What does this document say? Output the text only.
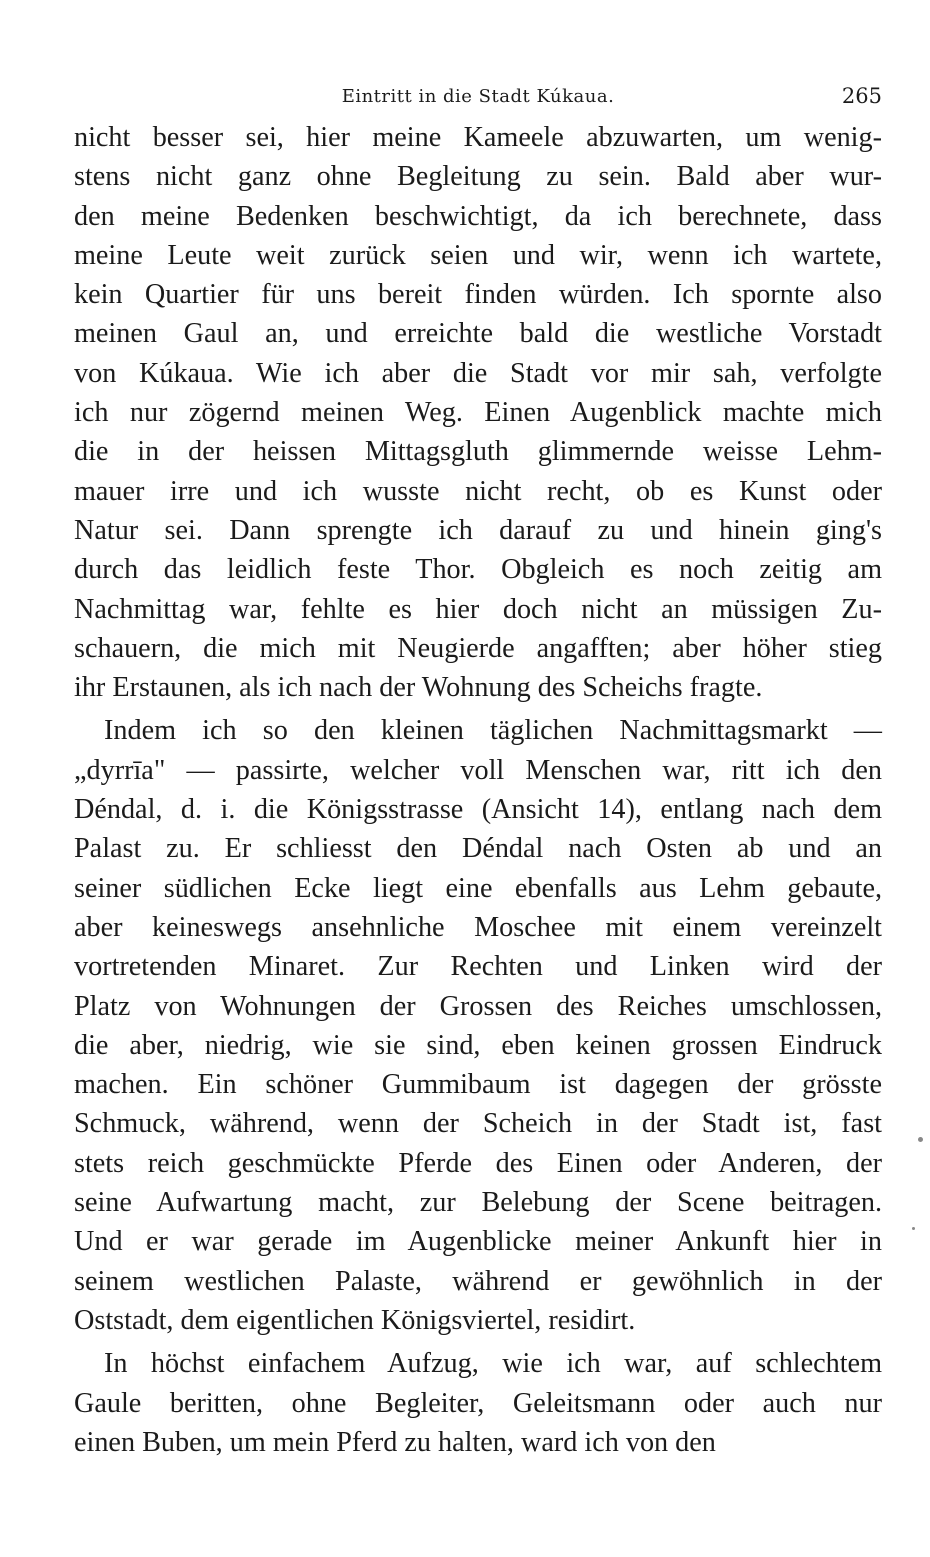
Eintritt in die Stadt Kúkaua.	265
nicht besser sei, hier meine Kameele abzuwarten, um wenig-
stens nicht ganz ohne Begleitung zu sein. Bald aber wur-
den meine Bedenken beschwichtigt, da ich berechnete, dass
meine Leute weit zurück seien und wir, wenn ich wartete,
kein Quartier für uns bereit finden würden. Ich spornte also
meinen Gaul an, und erreichte bald die westliche Vorstadt
von Kúkaua. Wie ich aber die Stadt vor mir sah, verfolgte
ich nur zögernd meinen Weg. Einen Augenblick machte mich
die in der heissen Mittagsgluth glimmernde weisse Lehm-
mauer irre und ich wusste nicht recht, ob es Kunst oder
Natur sei. Dann sprengte ich darauf zu und hinein ging's
durch das leidlich feste Thor. Obgleich es noch zeitig am
Nachmittag war, fehlte es hier doch nicht an müssigen Zu-
schauern, die mich mit Neugierde angafften; aber höher stieg
ihr Erstaunen, als ich nach der Wohnung des Scheichs fragte.
Indem ich so den kleinen täglichen Nachmittagsmarkt —
„dyrrīa" — passirte, welcher voll Menschen war, ritt ich den
Déndal, d. i. die Königsstrasse (Ansicht 14), entlang nach dem
Palast zu. Er schliesst den Déndal nach Osten ab und an
seiner südlichen Ecke liegt eine ebenfalls aus Lehm gebaute,
aber keineswegs ansehnliche Moschee mit einem vereinzelt
vortretenden Minaret. Zur Rechten und Linken wird der
Platz von Wohnungen der Grossen des Reiches umschlossen,
die aber, niedrig, wie sie sind, eben keinen grossen Eindruck
machen. Ein schöner Gummibaum ist dagegen der grösste
Schmuck, während, wenn der Scheich in der Stadt ist, fast
stets reich geschmückte Pferde des Einen oder Anderen, der
seine Aufwartung macht, zur Belebung der Scene beitragen.
Und er war gerade im Augenblicke meiner Ankunft hier in
seinem westlichen Palaste, während er gewöhnlich in der
Oststadt, dem eigentlichen Königsviertel, residirt.
In höchst einfachem Aufzug, wie ich war, auf schlechtem
Gaule beritten, ohne Begleiter, Geleitsmann oder auch nur
einen Buben, um mein Pferd zu halten, ward ich von den
